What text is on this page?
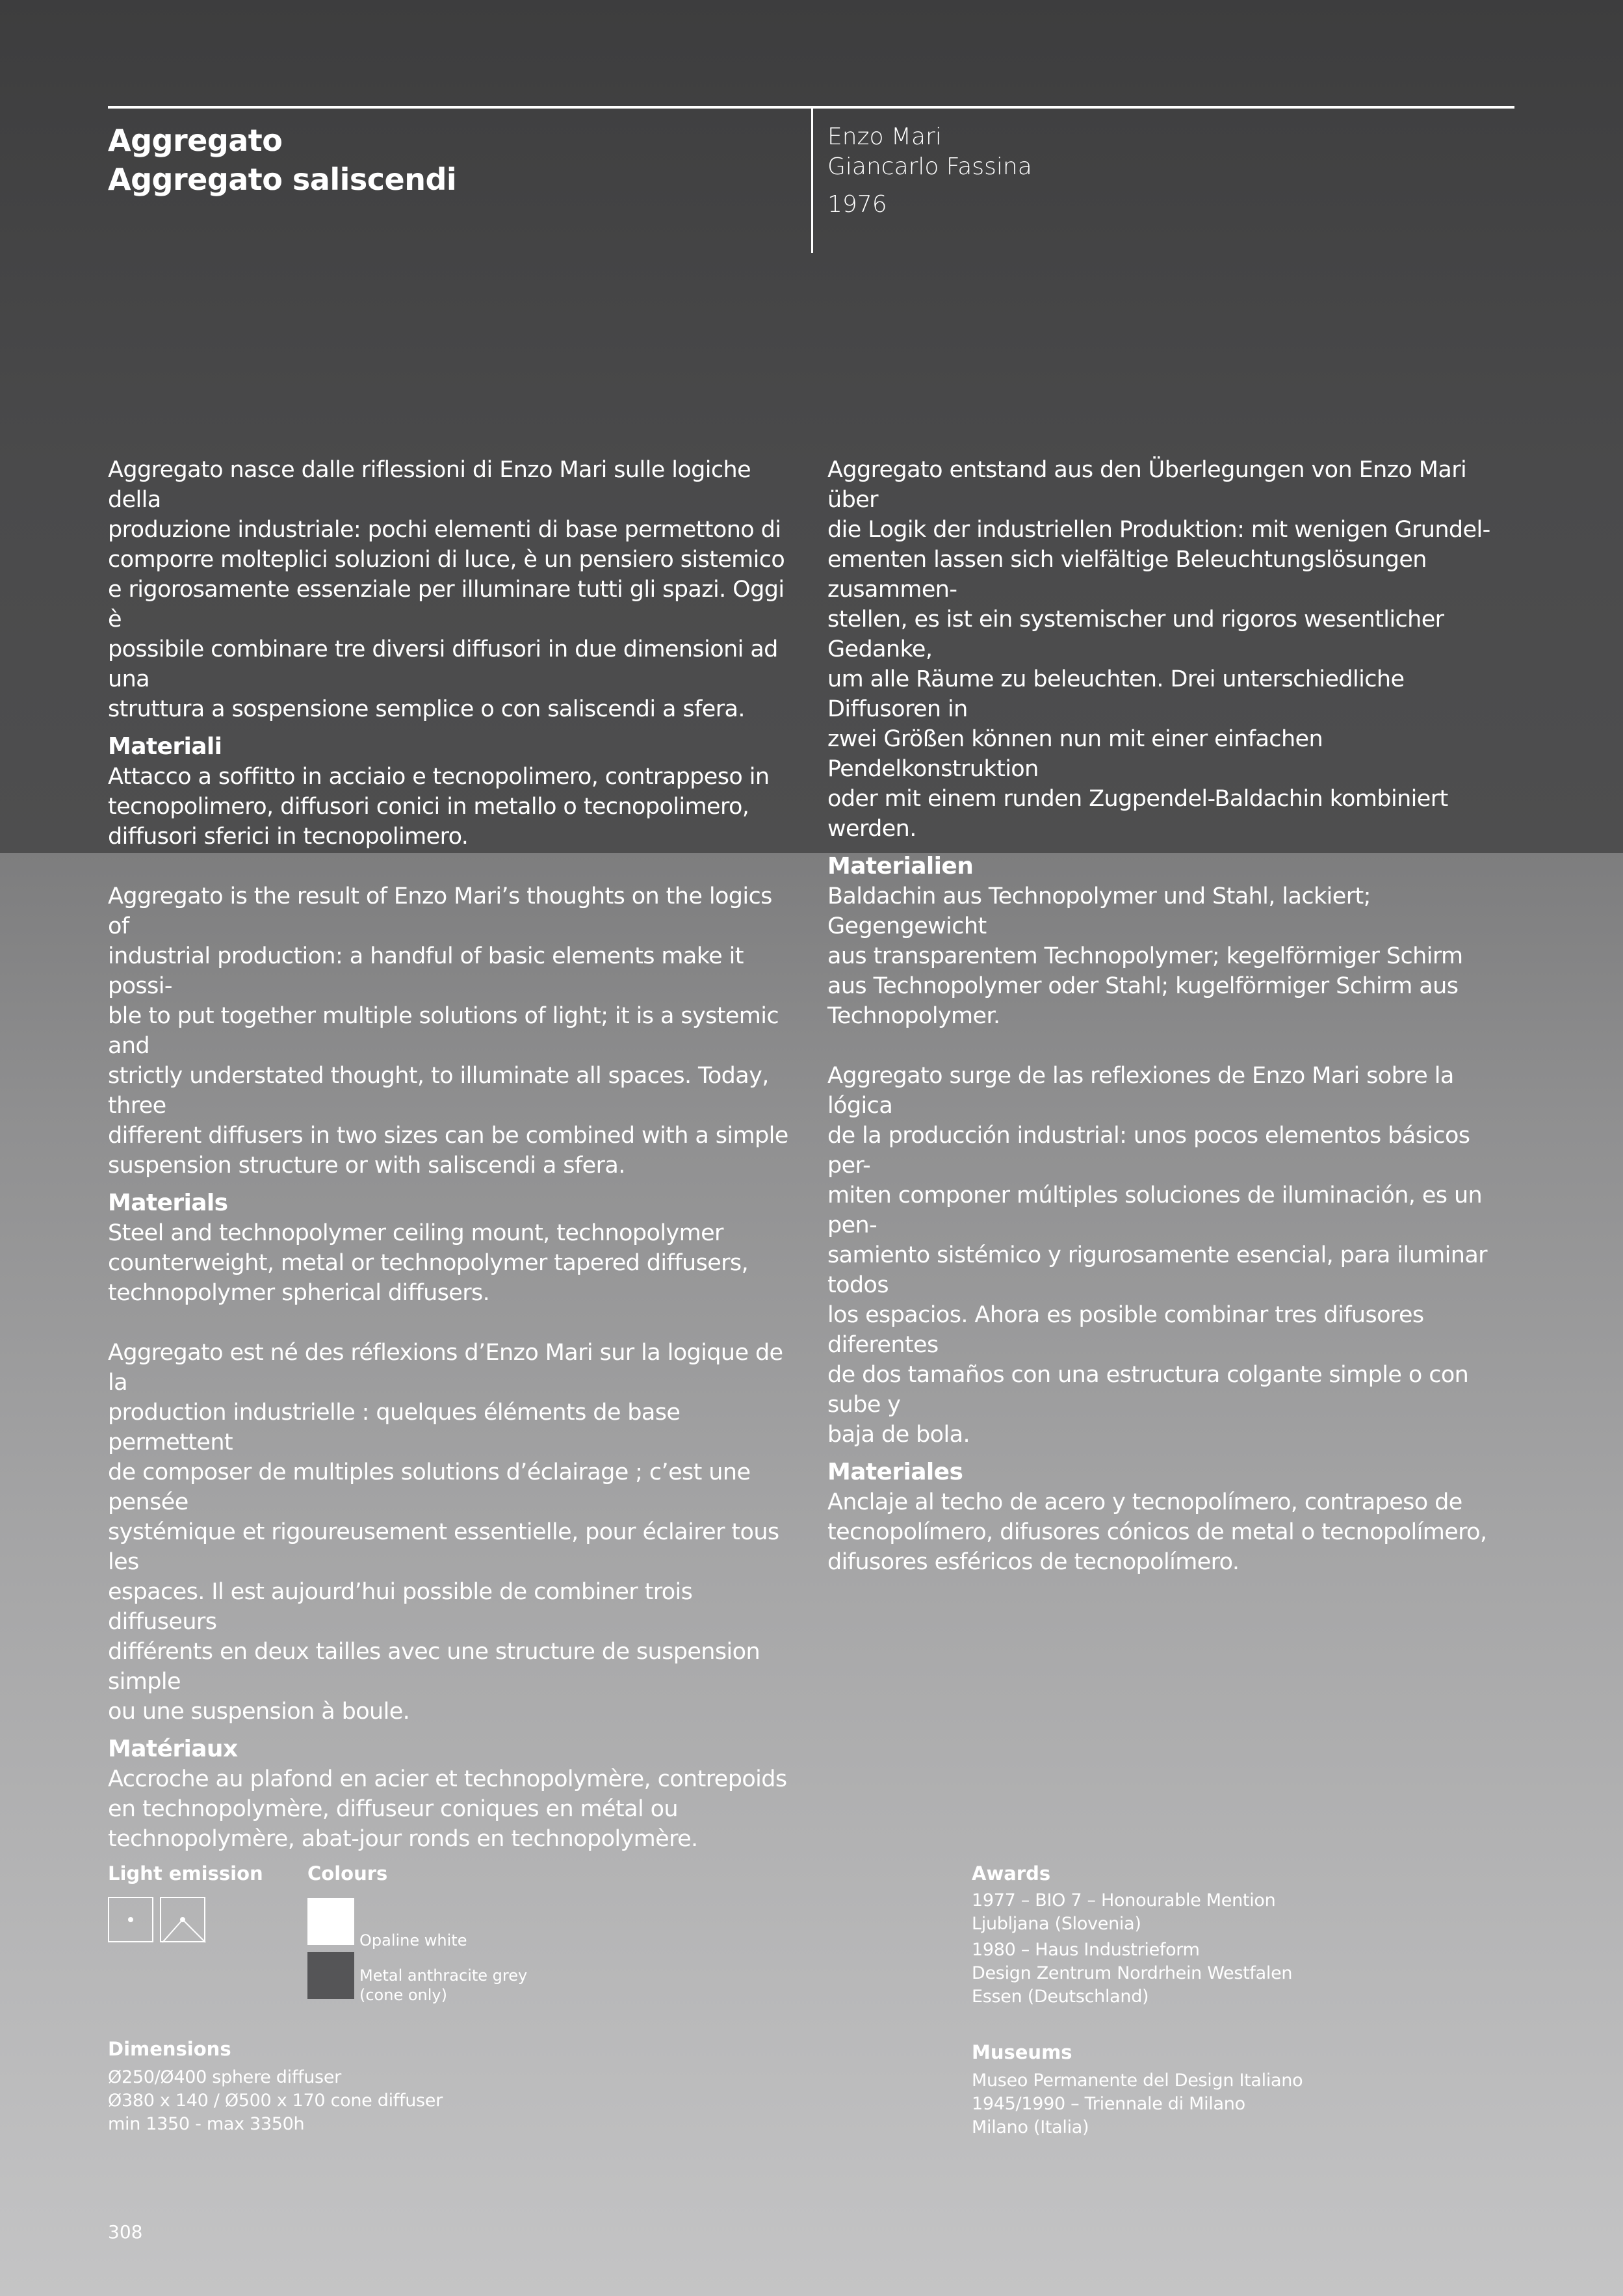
Aggregato
Aggregato saliscendi
Enzo Mari
Giancarlo Fassina
1976

Aggregato nasce dalle riflessioni di Enzo Mari sulle logiche della
produzione industriale: pochi elementi di base permettono di
comporre molteplici soluzioni di luce, è un pensiero sistemico
e rigorosamente essenziale per illuminare tutti gli spazi. Oggi è
possibile combinare tre diversi diffusori in due dimensioni ad una
struttura a sospensione semplice o con saliscendi a sfera.

Materiali

Attacco a soffitto in acciaio e tecnopolimero, contrappeso in
tecnopolimero, diffusori conici in metallo o tecnopolimero,
diffusori sferici in tecnopolimero.

Aggregato is the result of Enzo Mari’s thoughts on the logics of
industrial production: a handful of basic elements make it possi-
ble to put together multiple solutions of light; it is a systemic and
strictly understated thought, to illuminate all spaces. Today, three
different diffusers in two sizes can be combined with a simple
suspension structure or with saliscendi a sfera.

Materials

Steel and technopolymer ceiling mount, technopolymer
counterweight, metal or technopolymer tapered diffusers,
technopolymer spherical diffusers.

Aggregato est né des réflexions d’Enzo Mari sur la logique de la
production industrielle : quelques éléments de base permettent
de composer de multiples solutions d’éclairage ; c’est une pensée
systémique et rigoureusement essentielle, pour éclairer tous les
espaces. Il est aujourd’hui possible de combiner trois diffuseurs
différents en deux tailles avec une structure de suspension simple
ou une suspension à boule.

Matériaux

Accroche au plafond en acier et technopolymère, contrepoids
en technopolymère, diffuseur coniques en métal ou
technopolymère, abat-jour ronds en technopolymère.

Aggregato entstand aus den Überlegungen von Enzo Mari über
die Logik der industriellen Produktion: mit wenigen Grundel-
ementen lassen sich vielfältige Beleuchtungslösungen zusammen-
stellen, es ist ein systemischer und rigoros wesentlicher Gedanke,
um alle Räume zu beleuchten. Drei unterschiedliche Diffusoren in
zwei Größen können nun mit einer einfachen Pendelkonstruktion
oder mit einem runden Zugpendel-Baldachin kombiniert werden.

Materialien

Baldachin aus Technopolymer und Stahl, lackiert; Gegengewicht
aus transparentem Technopolymer; kegelförmiger Schirm
aus Technopolymer oder Stahl; kugelförmiger Schirm aus
Technopolymer.

Aggregato surge de las reflexiones de Enzo Mari sobre la lógica
de la producción industrial: unos pocos elementos básicos per-
miten componer múltiples soluciones de iluminación, es un pen-
samiento sistémico y rigurosamente esencial, para iluminar todos
los espacios. Ahora es posible combinar tres difusores diferentes
de dos tamaños con una estructura colgante simple o con sube y
baja de bola.

Materiales

Anclaje al techo de acero y tecnopolímero, contrapeso de
tecnopolímero, difusores cónicos de metal o tecnopolímero,
difusores esféricos de tecnopolímero.

Light emission Colours
Opaline white
Metal anthracite grey
(cone only)
Dimensions
Ø250/Ø400 sphere diffuser
Ø380 x 140 / Ø500 x 170 cone diffuser
min 1350 - max 3350h
Awards
1977 – BIO 7 – Honourable Mention
Ljubljana (Slovenia)
1980 – Haus Industrieform
Design Zentrum Nordrhein Westfalen
Essen (Deutschland)
Museums
Museo Permanente del Design Italiano
1945/1990 – Triennale di Milano
Milano (Italia)
308
